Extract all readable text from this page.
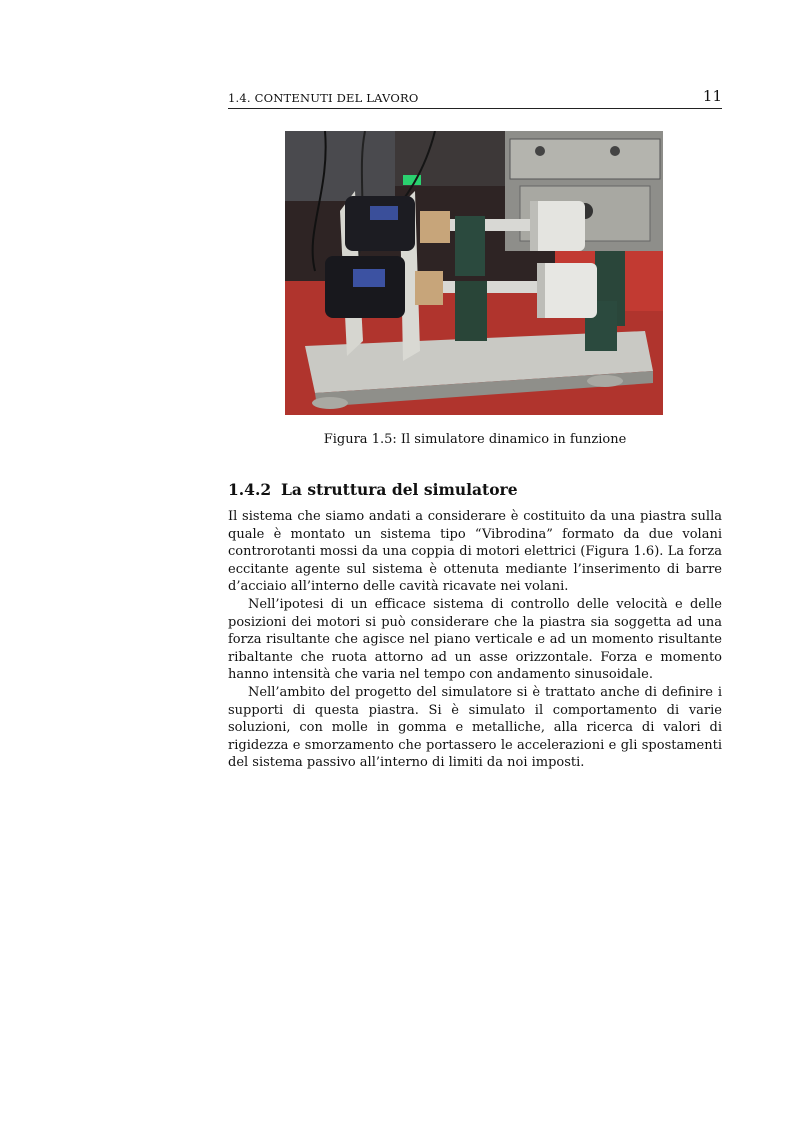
1.4. CONTENUTI DEL LAVORO	11
Figura 1.5: Il simulatore dinamico in funzione
1.4.2 La struttura del simulatore

Il sistema che siamo andati a considerare è costituito da una piastra sulla quale è montato un sistema tipo “Vibrodina” formato da due volani controrotanti mossi da una coppia di motori elettrici (Figura 1.6). La forza eccitante agente sul sistema è ottenuta mediante l’inserimento di barre d’acciaio all’interno delle cavità ricavate nei volani.

Nell’ipotesi di un efficace sistema di controllo delle velocità e delle posizioni dei motori si può considerare che la piastra sia soggetta ad una forza risultante che agisce nel piano verticale e ad un momento risultante ribaltante che ruota attorno ad un asse orizzontale. Forza e momento hanno intensità che varia nel tempo con andamento sinusoidale.

Nell’ambito del progetto del simulatore si è trattato anche di definire i supporti di questa piastra. Si è simulato il comportamento di varie soluzioni, con molle in gomma e metalliche, alla ricerca di valori di rigidezza e smorzamento che portassero le accelerazioni e gli spostamenti del sistema passivo all’interno di limiti da noi imposti.
